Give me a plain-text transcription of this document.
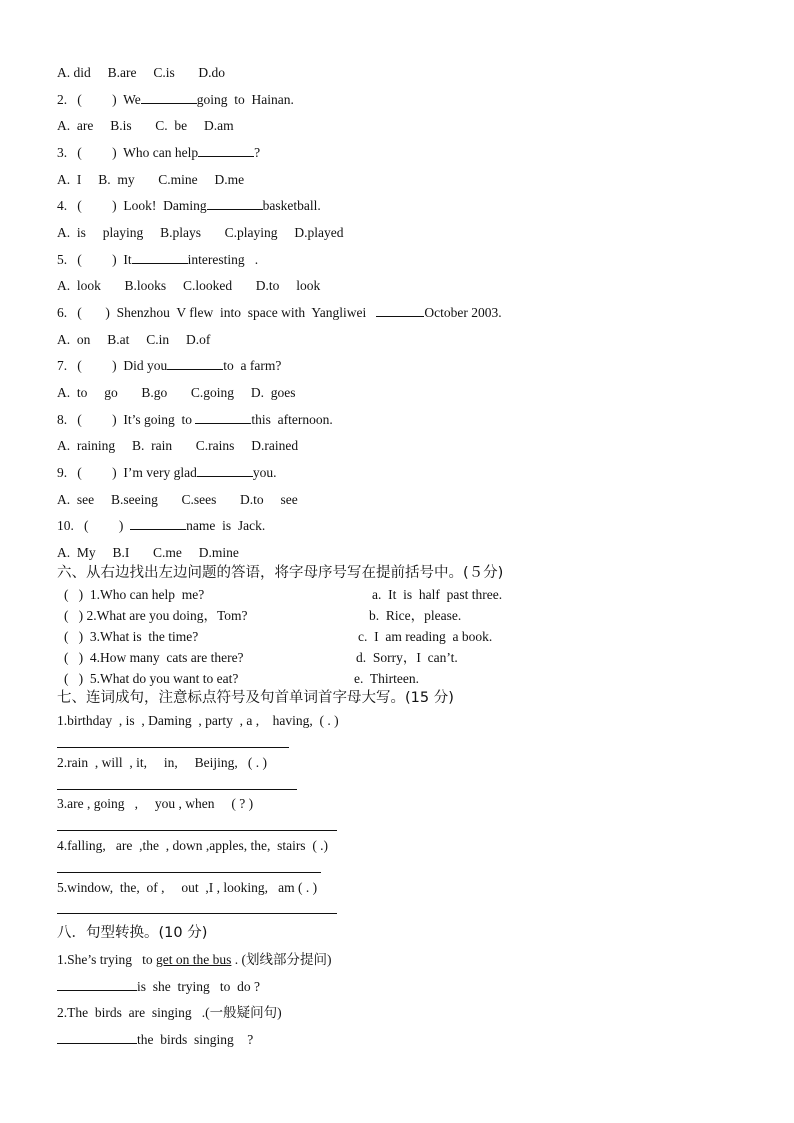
A. did     B.are     C.is       D.do
2.   (         )  We	going  to  Hainan.
A.  are     B.is       C.  be     D.am
3.   (         )  Who can help	?
A.  I     B.  my       C.mine     D.me
4.   (         )  Look!  Daming	basketball.
A.  is     playing     B.plays       C.playing     D.played
5.   (         )  It	interesting   .
A.  look       B.looks     C.looked       D.to     look
6.   (       )  Shenzhou  V flew  into  space with  Yangliwei	October 2003.
A.  on     B.at     C.in     D.of
7.   (         )  Did you	to  a farm?
A.  to     go       B.go       C.going     D.  goes
8.   (         )  It’s going  to	this  afternoon.
A.  raining     B.  rain       C.rains     D.rained
9.   (         )  I’m very glad	you.
A.  see     B.seeing       C.sees       D.to     see
10.   (         )	name  is  Jack.
A.  My     B.I       C.me     D.mine
六、从右边找出左边问题的答语，将字母序号写在提前括号中。(５分)
(   )  1.Who can help  me?	a.  It  is  half  past three.
(   ) 2.What are you doing，Tom?	b.  Rice，please.
(   )  3.What is  the time?	c.  I  am reading  a book.
(   )  4.How many  cats are there?	d.  Sorry，I  can’t.
(   )  5.What do you want to eat?	e.  Thirteen.
七、连词成句，注意标点符号及句首单词首字母大写。(15 分)
1.birthday  , is  , Daming  , party  , a ,    having,  ( . )
2.rain  , will  , it,     in,     Beijing,   ( . )
3.are , going   ,     you , when     ( ? )
4.falling,   are  ,the  , down ,apples, the,  stairs  ( .)
5.window,  the,  of ,     out  ,I , looking,   am ( . )
八．句型转换。(10 分)
1.She’s trying   to get on the bus . (划线部分提问)
is  she  trying   to  do ?
2.The  birds  are  singing   .(一般疑问句)
the  birds  singing    ?
